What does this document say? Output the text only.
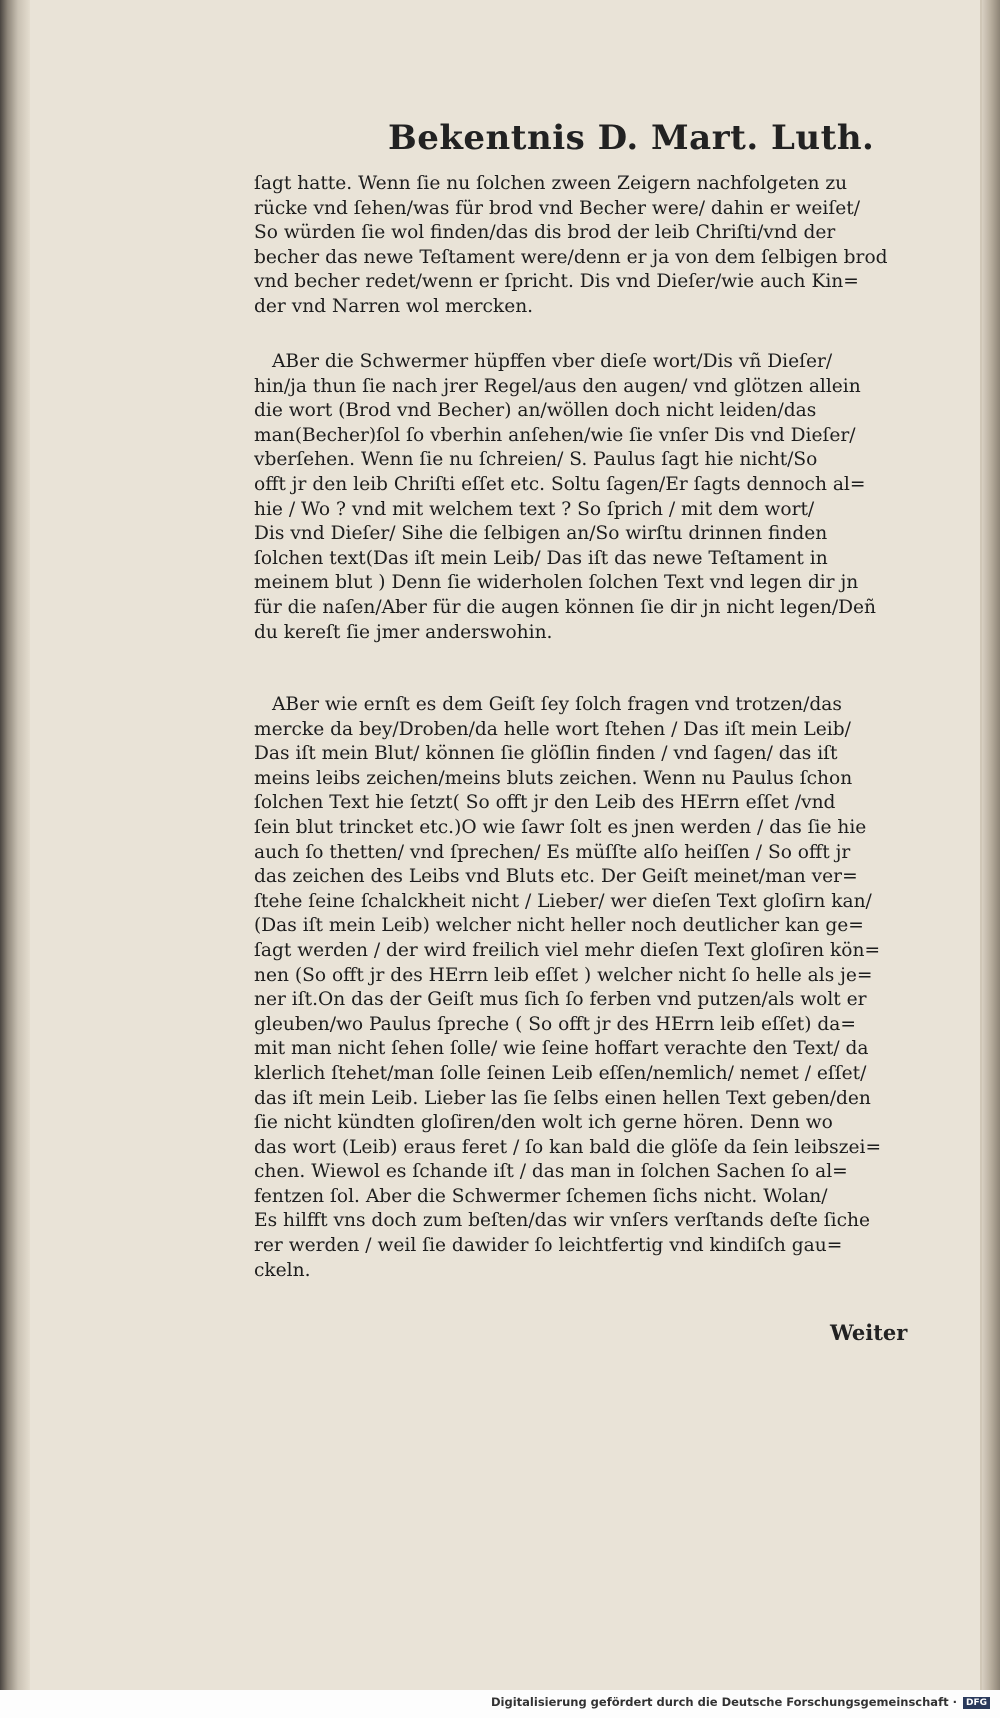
Bekentnis D. Mart. Luth.
ſagt hatte. Wenn ſie nu ſolchen zween Zeigern nachfolgeten zu
rücke vnd ſehen/was für brod vnd Becher were/ dahin er weiſet/
So würden ſie wol finden/das dis brod der leib Chriſti/vnd der
becher das newe Teſtament were/denn er ja von dem ſelbigen brod
vnd becher redet/wenn er ſpricht. Dis vnd Dieſer/wie auch Kin=
der vnd Narren wol mercken.
ABer die Schwermer hüpffen vber dieſe wort/Dis vñ Dieſer/
hin/ja thun ſie nach jrer Regel/aus den augen/ vnd glötzen allein
die wort (Brod vnd Becher) an/wöllen doch nicht leiden/das
man(Becher)ſol ſo vberhin anſehen/wie ſie vnſer Dis vnd Dieſer/
vberſehen. Wenn ſie nu ſchreien/ S. Paulus ſagt hie nicht/So
offt jr den leib Chriſti eſſet etc. Soltu ſagen/Er ſagts dennoch al=
hie / Wo ? vnd mit welchem text ? So ſprich / mit dem wort/
Dis vnd Dieſer/ Sihe die ſelbigen an/So wirſtu drinnen finden
ſolchen text(Das iſt mein Leib/ Das iſt das newe Teſtament in
meinem blut ) Denn ſie widerholen ſolchen Text vnd legen dir jn
für die naſen/Aber für die augen können ſie dir jn nicht legen/Deñ
du kereſt ſie jmer anderswohin.
ABer wie ernſt es dem Geiſt ſey ſolch fragen vnd trotzen/das
mercke da bey/Droben/da helle wort ſtehen / Das iſt mein Leib/
Das iſt mein Blut/ können ſie glöſlin finden / vnd ſagen/ das iſt
meins leibs zeichen/meins bluts zeichen. Wenn nu Paulus ſchon
ſolchen Text hie ſetzt( So offt jr den Leib des HErrn eſſet /vnd
ſein blut trincket etc.)O wie ſawr ſolt es jnen werden / das ſie hie
auch ſo thetten/ vnd ſprechen/ Es müſſte alſo heiſſen / So offt jr
das zeichen des Leibs vnd Bluts etc. Der Geiſt meinet/man ver=
ſtehe ſeine ſchalckheit nicht / Lieber/ wer dieſen Text gloſirn kan/
(Das iſt mein Leib) welcher nicht heller noch deutlicher kan ge=
ſagt werden / der wird freilich viel mehr dieſen Text gloſiren kön=
nen (So offt jr des HErrn leib eſſet ) welcher nicht ſo helle als je=
ner iſt.On das der Geiſt mus ſich ſo ferben vnd putzen/als wolt er
gleuben/wo Paulus ſpreche ( So offt jr des HErrn leib eſſet) da=
mit man nicht ſehen ſolle/ wie ſeine hoffart verachte den Text/ da
klerlich ſtehet/man ſolle ſeinen Leib eſſen/nemlich/ nemet / eſſet/
das iſt mein Leib. Lieber las ſie ſelbs einen hellen Text geben/den
ſie nicht kündten gloſiren/den wolt ich gerne hören. Denn wo
das wort (Leib) eraus feret / ſo kan bald die glöſe da ſein leibszei=
chen. Wiewol es ſchande iſt / das man in ſolchen Sachen ſo al=
fentzen ſol. Aber die Schwermer ſchemen ſichs nicht. Wolan/
Es hilfft vns doch zum beſten/das wir vnſers verſtands deſte ſiche
rer werden / weil ſie dawider ſo leichtfertig vnd kindiſch gau=
ckeln.
Weiter
Digitalisierung gefördert durch die Deutsche Forschungsgemeinschaft · DFG
